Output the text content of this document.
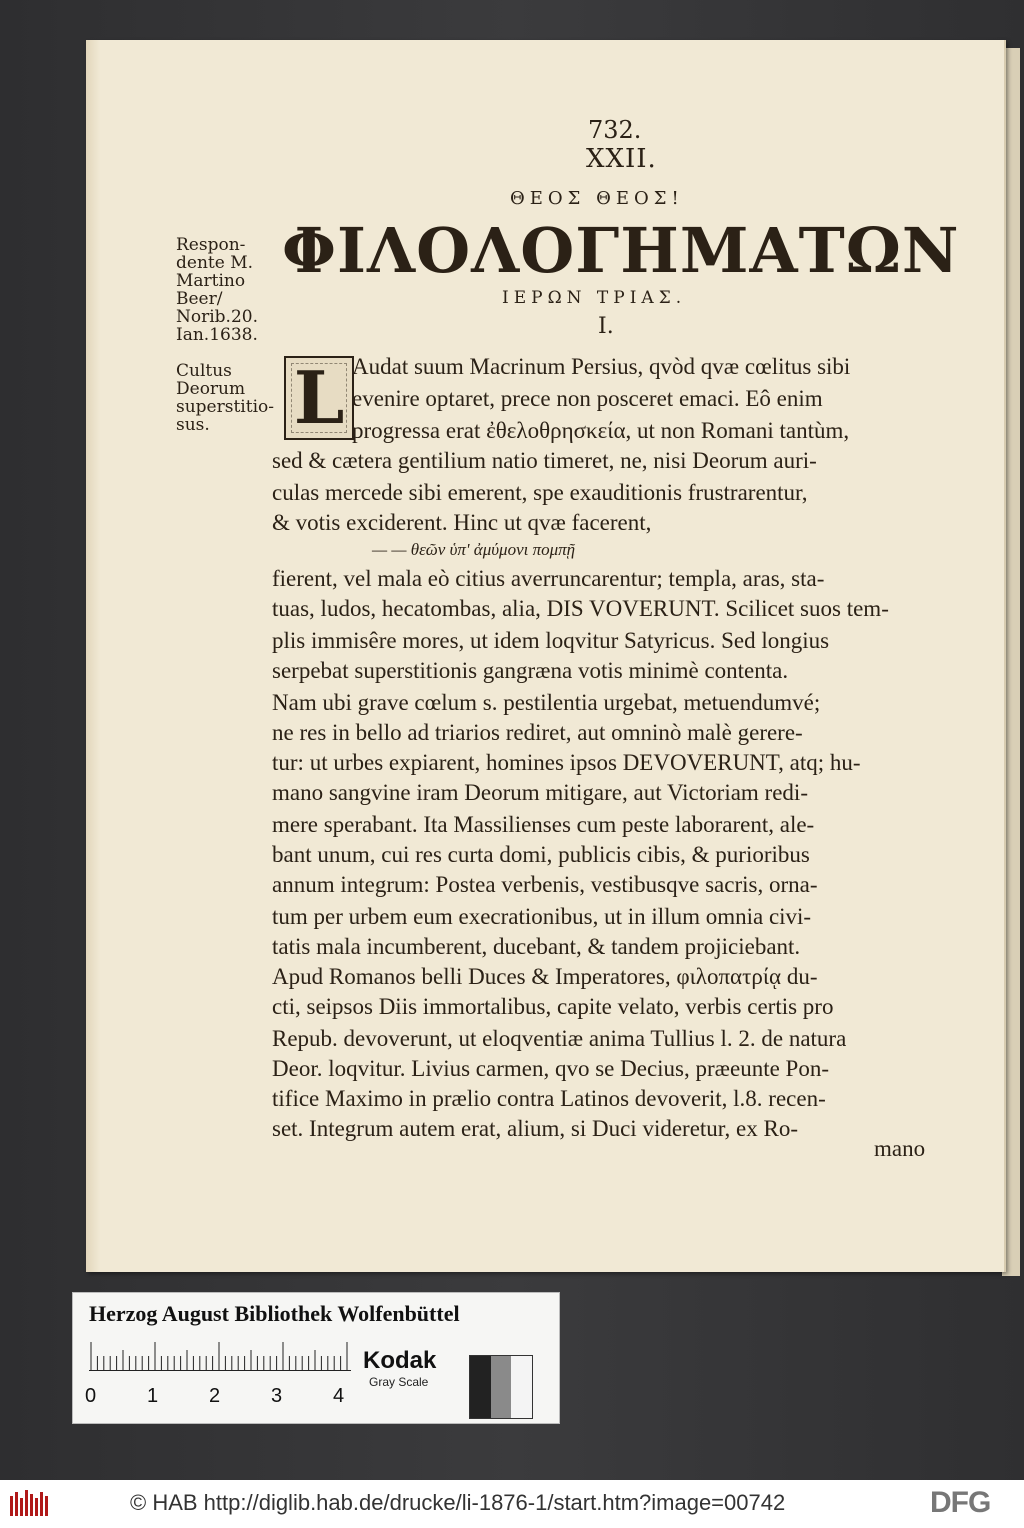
732.
XXII.
ΘΕΟΣ ΘΕΟΣ!
ΦΙΛΟΛΟΓΗΜΑΤΩΝ
ΙΕΡΩΝ ΤΡΙΑΣ.
I.
Respon-
dente M.
Martino
Beer/
Norib.20.
Ian.1638.
Cultus
Deorum
superstitio-
sus.	L Audat suum Macrinum Persius, qvòd qvæ cœlitus sibi
evenire optaret, prece non posceret emaci. Eô enim
progressa erat ἐθελοθρησκεία, ut non Romani tantùm,
sed & cætera gentilium natio timeret, ne, nisi Deorum auri-
culas mercede sibi emerent, spe exauditionis frustrarentur,
& votis exciderent. Hinc ut qvæ facerent,
fierent, vel mala eò citius averruncarentur; templa, aras, sta-
tuas, ludos, hecatombas, alia, DIS VOVERUNT. Scilicet suos tem-
plis immisêre mores, ut idem loqvitur Satyricus. Sed longius
serpebat superstitionis gangræna votis minimè contenta.
Nam ubi grave cœlum s. pestilentia urgebat, metuendumvé;
ne res in bello ad triarios rediret, aut omninò malè gerere-
tur: ut urbes expiarent, homines ipsos DEVOVERUNT, atq; hu-
mano sangvine iram Deorum mitigare, aut Victoriam redi-
mere sperabant. Ita Massilienses cum peste laborarent, ale-
bant unum, cui res curta domi, publicis cibis, & purioribus
annum integrum: Postea verbenis, vestibusqve sacris, orna-
tum per urbem eum execrationibus, ut in illum omnia civi-
tatis mala incumberent, ducebant, & tandem projiciebant.
Apud Romanos belli Duces & Imperatores, φιλοπατρίᾳ du-
cti, seipsos Diis immortalibus, capite velato, verbis certis pro
Repub. devoverunt, ut eloqventiæ anima Tullius l. 2. de natura
Deor. loqvitur. Livius carmen, qvo se Decius, præeunte Pon-
tifice Maximo in prælio contra Latinos devoverit, l.8. recen-
set. Integrum autem erat, alium, si Duci videretur, ex Ro-
— — θεῶν ὑπ' ἀμύμονι πομπῇ
mano
Herzog August Bibliothek Wolfenbüttel
0	1	2	3	4
Kodak
Gray Scale
© HAB http://diglib.hab.de/drucke/li-1876-1/start.htm?image=00742	DFG
